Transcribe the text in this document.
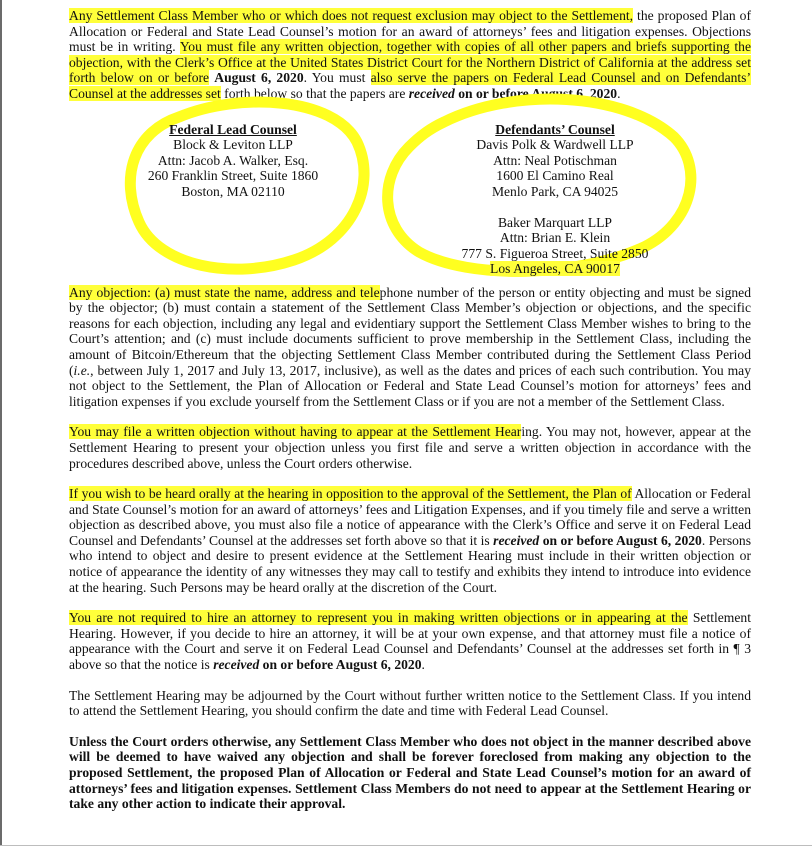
Any Settlement Class Member who or which does not request exclusion may object to the Settlement, the proposed Plan of Allocation or Federal and State Lead Counsel’s motion for an award of attorneys’ fees and litigation expenses. Objections must be in writing. You must file any written objection, together with copies of all other papers and briefs supporting the objection, with the Clerk’s Office at the United States District Court for the Northern District of California at the address set forth below on or before August 6, 2020. You must also serve the papers on Federal Lead Counsel and on Defendants’ Counsel at the addresses set forth below so that the papers are received on or before August 6, 2020.

Federal Lead Counsel
Block & Leviton LLP
Attn: Jacob A. Walker, Esq.
260 Franklin Street, Suite 1860
Boston, MA 02110
Defendants’ Counsel
Davis Polk & Wardwell LLP
Attn: Neal Potischman
1600 El Camino Real
Menlo Park, CA 94025
Baker Marquart LLP
Attn: Brian E. Klein
777 S. Figueroa Street, Suite 2850
Los Angeles, CA 90017

Any objection: (a) must state the name, address and telephone number of the person or entity objecting and must be signed by the objector; (b) must contain a statement of the Settlement Class Member’s objection or objections, and the specific reasons for each objection, including any legal and evidentiary support the Settlement Class Member wishes to bring to the Court’s attention; and (c) must include documents sufficient to prove membership in the Settlement Class, including the amount of Bitcoin/Ethereum that the objecting Settlement Class Member contributed during the Settlement Class Period (i.e., between July 1, 2017 and July 13, 2017, inclusive), as well as the dates and prices of each such contribution. You may not object to the Settlement, the Plan of Allocation or Federal and State Lead Counsel’s motion for attorneys’ fees and litigation expenses if you exclude yourself from the Settlement Class or if you are not a member of the Settlement Class.

You may file a written objection without having to appear at the Settlement Hearing. You may not, however, appear at the Settlement Hearing to present your objection unless you first file and serve a written objection in accordance with the procedures described above, unless the Court orders otherwise.

If you wish to be heard orally at the hearing in opposition to the approval of the Settlement, the Plan of Allocation or Federal and State Counsel’s motion for an award of attorneys’ fees and Litigation Expenses, and if you timely file and serve a written objection as described above, you must also file a notice of appearance with the Clerk’s Office and serve it on Federal Lead Counsel and Defendants’ Counsel at the addresses set forth above so that it is received on or before August 6, 2020. Persons who intend to object and desire to present evidence at the Settlement Hearing must include in their written objection or notice of appearance the identity of any witnesses they may call to testify and exhibits they intend to introduce into evidence at the hearing. Such Persons may be heard orally at the discretion of the Court.

You are not required to hire an attorney to represent you in making written objections or in appearing at the Settlement Hearing. However, if you decide to hire an attorney, it will be at your own expense, and that attorney must file a notice of appearance with the Court and serve it on Federal Lead Counsel and Defendants’ Counsel at the addresses set forth in ¶ 3 above so that the notice is received on or before August 6, 2020.

The Settlement Hearing may be adjourned by the Court without further written notice to the Settlement Class. If you intend to attend the Settlement Hearing, you should confirm the date and time with Federal Lead Counsel.

Unless the Court orders otherwise, any Settlement Class Member who does not object in the manner described above will be deemed to have waived any objection and shall be forever foreclosed from making any objection to the proposed Settlement, the proposed Plan of Allocation or Federal and State Lead Counsel’s motion for an award of attorneys’ fees and litigation expenses. Settlement Class Members do not need to appear at the Settlement Hearing or take any other action to indicate their approval.
